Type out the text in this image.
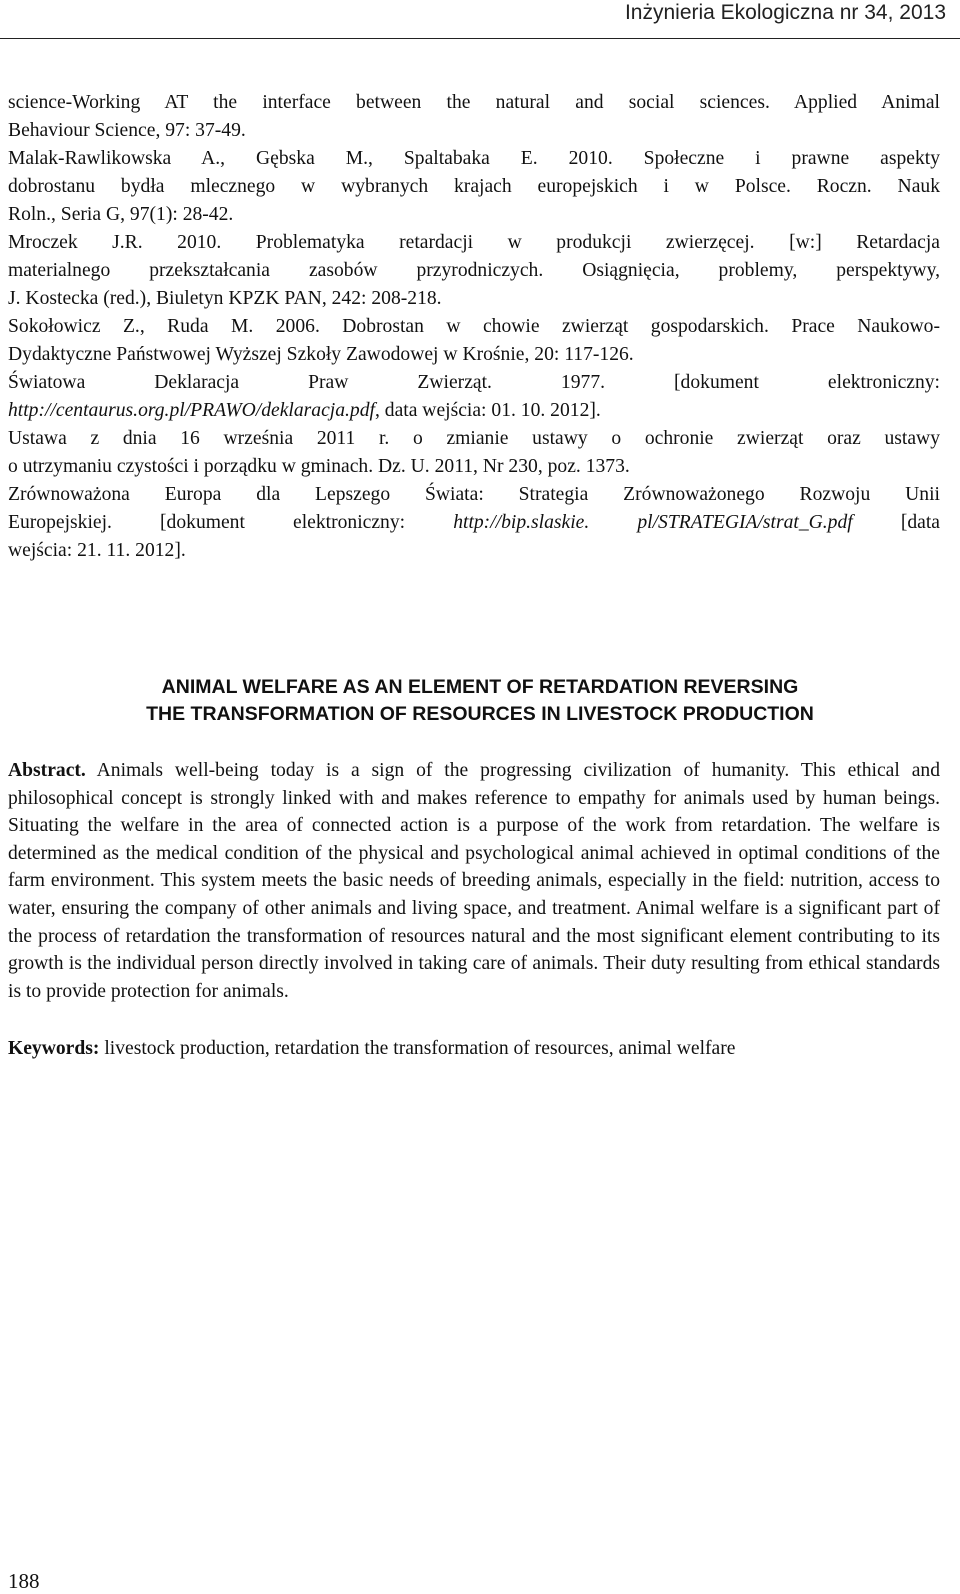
Inżynieria Ekologiczna nr 34, 2013

science-Working AT the interface between the natural and social sciences. Applied Animal
Behaviour Science, 97: 37-49.

Malak-Rawlikowska A., Gębska M., Spaltabaka E. 2010. Społeczne i prawne aspekty
dobrostanu bydła mlecznego w wybranych krajach europejskich i w Polsce. Roczn. Nauk
Roln., Seria G, 97(1): 28-42.

Mroczek J.R. 2010. Problematyka retardacji w produkcji zwierzęcej. [w:] Retardacja
materialnego przekształcania zasobów przyrodniczych. Osiągnięcia, problemy, perspektywy,
J. Kostecka (red.), Biuletyn KPZK PAN, 242: 208-218.

Sokołowicz Z., Ruda M. 2006. Dobrostan w chowie zwierząt gospodarskich. Prace Naukowo-
Dydaktyczne Państwowej Wyższej Szkoły Zawodowej w Krośnie, 20: 117-126.

Światowa Deklaracja Praw Zwierząt. 1977. [dokument elektroniczny:
http://centaurus.org.pl/PRAWO/deklaracja.pdf, data wejścia: 01. 10. 2012].

Ustawa z dnia 16 września 2011 r. o zmianie ustawy o ochronie zwierząt oraz ustawy
o utrzymaniu czystości i porządku w gminach. Dz. U. 2011, Nr 230, poz. 1373.

Zrównoważona Europa dla Lepszego Świata: Strategia Zrównoważonego Rozwoju Unii
Europejskiej. [dokument elektroniczny: http://bip.slaskie. pl/STRATEGIA/strat_G.pdf [data
wejścia: 21. 11. 2012].

ANIMAL WELFARE AS AN ELEMENT OF RETARDATION REVERSING
THE TRANSFORMATION OF RESOURCES IN LIVESTOCK PRODUCTION

Abstract. Animals well-being today is a sign of the progressing civilization of humanity. This ethical and philosophical concept is strongly linked with and makes reference to empathy for animals used by human beings. Situating the welfare in the area of connected action is a purpose of the work from retardation. The welfare is determined as the medical condition of the physical and psychological animal achieved in optimal conditions of the farm environment. This system meets the basic needs of breeding animals, especially in the field: nutrition, access to water, ensuring the company of other animals and living space, and treatment. Animal welfare is a significant part of the process of retardation the transformation of resources natural and the most significant element contributing to its growth is the individual person directly involved in taking care of animals. Their duty resulting from ethical standards is to provide protection for animals.

Keywords: livestock production, retardation the transformation of resources, animal welfare

188
